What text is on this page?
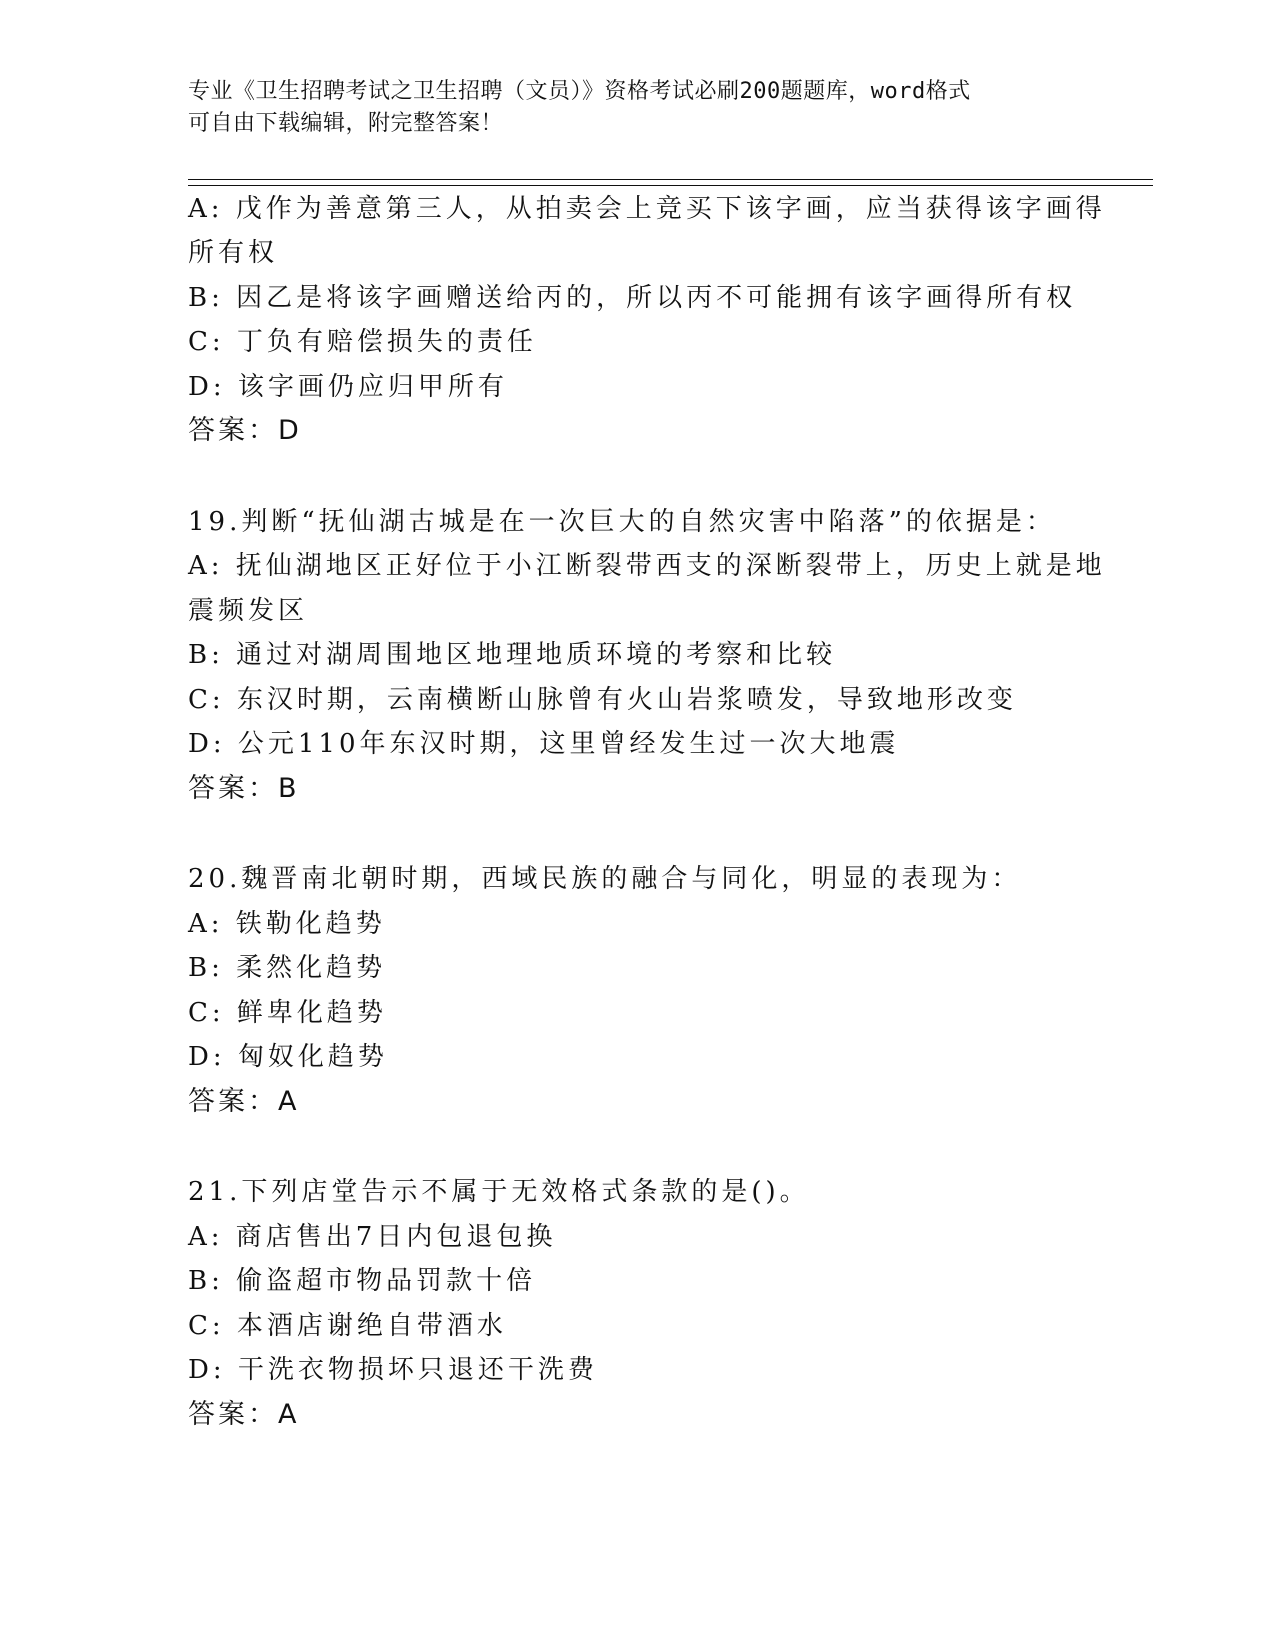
专业《卫生招聘考试之卫生招聘（文员）》资格考试必刷200题题库，word格式
可自由下载编辑，附完整答案！
A: 戊作为善意第三人，从拍卖会上竞买下该字画，应当获得该字画得
所有权
B: 因乙是将该字画赠送给丙的，所以丙不可能拥有该字画得所有权
C: 丁负有赔偿损失的责任
D: 该字画仍应归甲所有
答案：D
19.判断“抚仙湖古城是在一次巨大的自然灾害中陷落”的依据是：
A: 抚仙湖地区正好位于小江断裂带西支的深断裂带上，历史上就是地
震频发区
B: 通过对湖周围地区地理地质环境的考察和比较
C: 东汉时期，云南横断山脉曾有火山岩浆喷发，导致地形改变
D: 公元110年东汉时期，这里曾经发生过一次大地震
答案：B
20.魏晋南北朝时期，西域民族的融合与同化，明显的表现为：
A: 铁勒化趋势
B: 柔然化趋势
C: 鲜卑化趋势
D: 匈奴化趋势
答案：A
21.下列店堂告示不属于无效格式条款的是()。
A: 商店售出7日内包退包换
B: 偷盗超市物品罚款十倍
C: 本酒店谢绝自带酒水
D: 干洗衣物损坏只退还干洗费
答案：A
